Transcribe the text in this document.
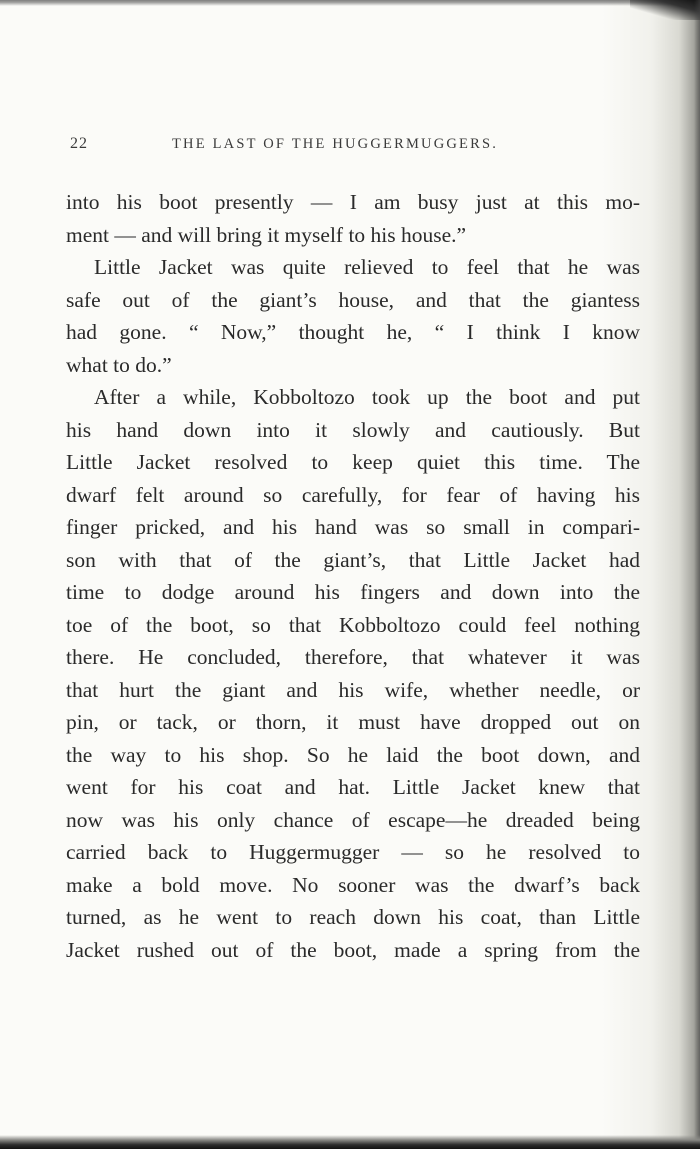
22	THE LAST OF THE HUGGERMUGGERS.
into his boot presently — I am busy just at this mo-
ment — and will bring it myself to his house.”
Little Jacket was quite relieved to feel that he was
safe out of the giant’s house, and that the giantess
had gone. “ Now,” thought he, “ I think I know
what to do.”
After a while, Kobboltozo took up the boot and put
his hand down into it slowly and cautiously. But
Little Jacket resolved to keep quiet this time. The
dwarf felt around so carefully, for fear of having his
finger pricked, and his hand was so small in compari-
son with that of the giant’s, that Little Jacket had
time to dodge around his fingers and down into the
toe of the boot, so that Kobboltozo could feel nothing
there. He concluded, therefore, that whatever it was
that hurt the giant and his wife, whether needle, or
pin, or tack, or thorn, it must have dropped out on
the way to his shop. So he laid the boot down, and
went for his coat and hat. Little Jacket knew that
now was his only chance of escape—he dreaded being
carried back to Huggermugger — so he resolved to
make a bold move. No sooner was the dwarf’s back
turned, as he went to reach down his coat, than Little
Jacket rushed out of the boot, made a spring from the
